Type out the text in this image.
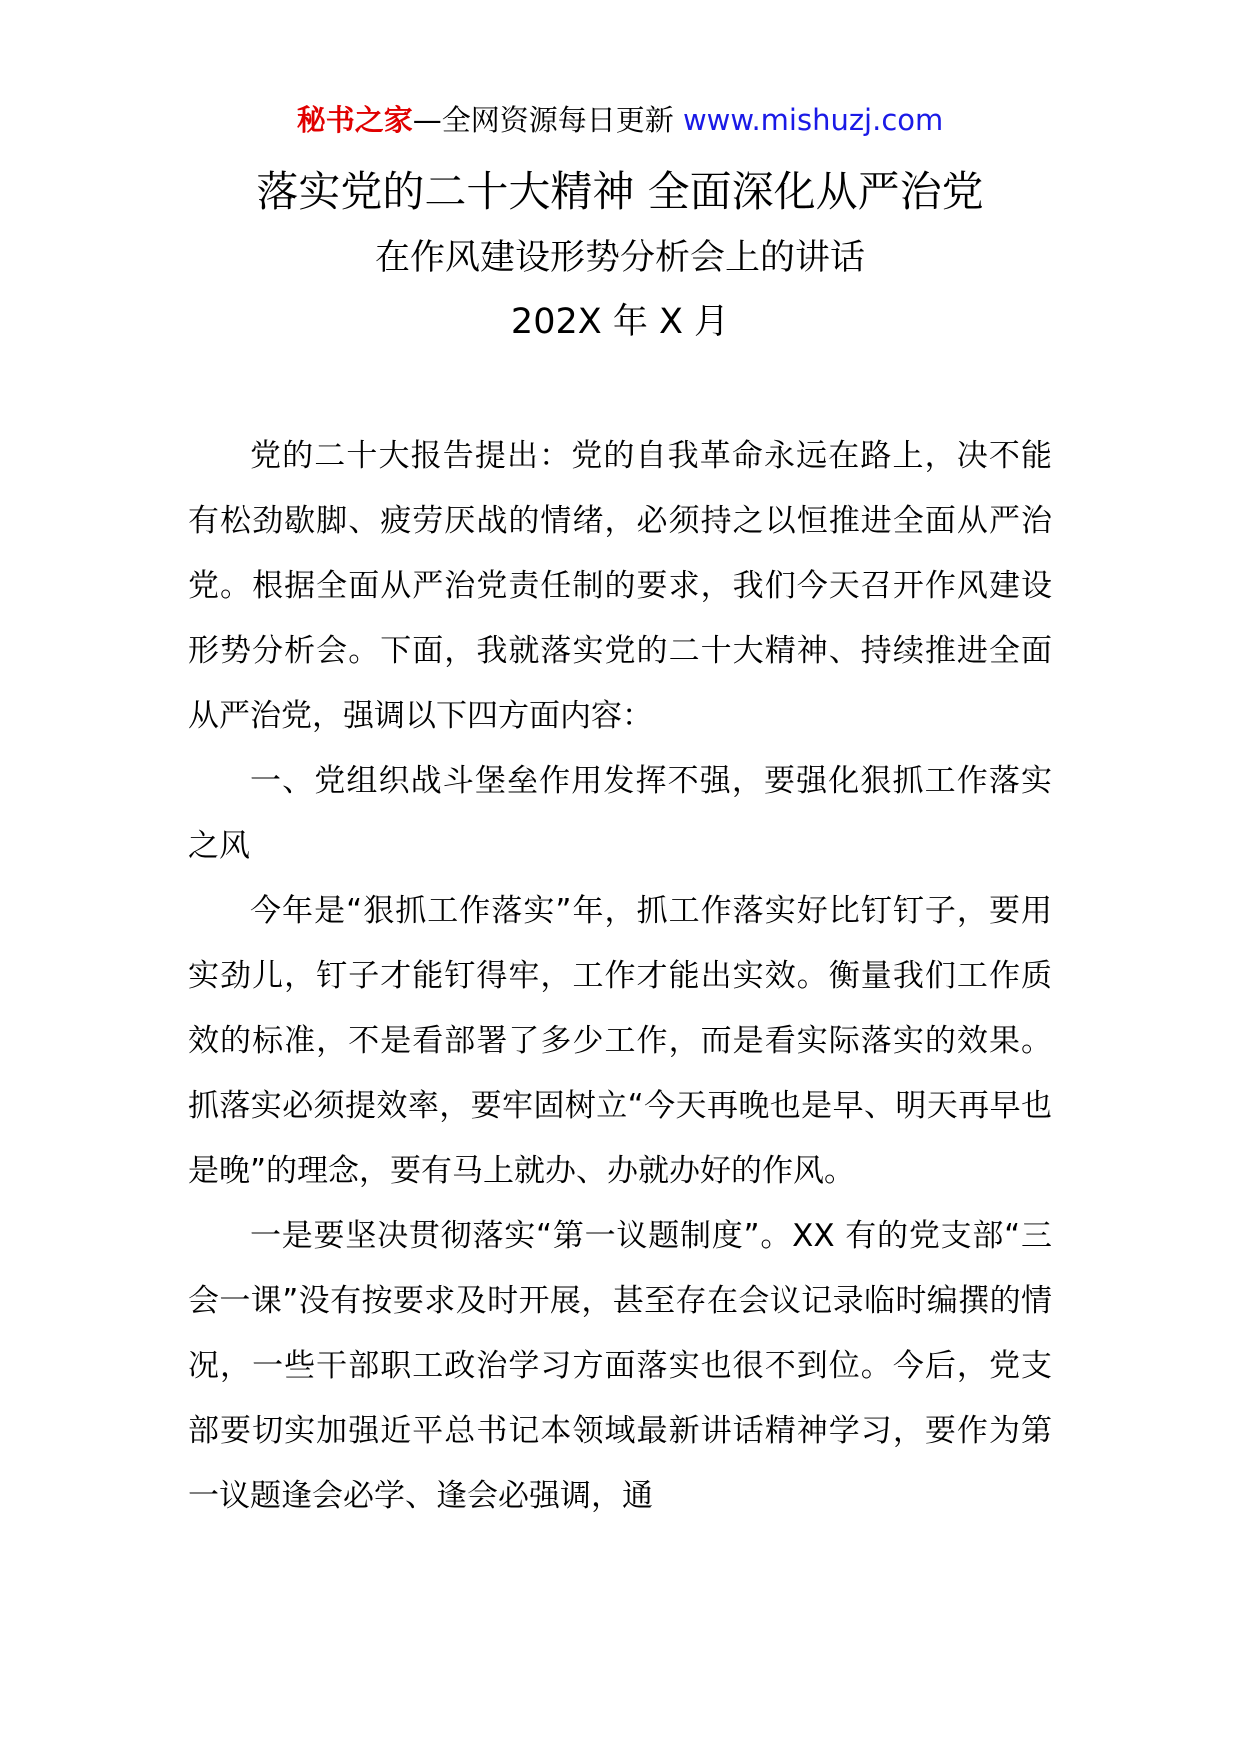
秘书之家—全网资源每日更新 www.mishuzj.com
落实党的二十大精神 全面深化从严治党
在作风建设形势分析会上的讲话
202X 年 X 月

党的二十大报告提出：党的自我革命永远在路上，决不能有松劲歇脚、疲劳厌战的情绪，必须持之以恒推进全面从严治党。根据全面从严治党责任制的要求，我们今天召开作风建设形势分析会。下面，我就落实党的二十大精神、持续推进全面从严治党，强调以下四方面内容：

一、党组织战斗堡垒作用发挥不强，要强化狠抓工作落实之风

今年是“狠抓工作落实”年，抓工作落实好比钉钉子，要用实劲儿，钉子才能钉得牢，工作才能出实效。衡量我们工作质效的标准，不是看部署了多少工作，而是看实际落实的效果。抓落实必须提效率，要牢固树立“今天再晚也是早、明天再早也是晚”的理念，要有马上就办、办就办好的作风。

一是要坚决贯彻落实“第一议题制度”。XX 有的党支部“三会一课”没有按要求及时开展，甚至存在会议记录临时编撰的情况，一些干部职工政治学习方面落实也很不到位。今后，党支部要切实加强近平总书记本领域最新讲话精神学习，要作为第一议题逢会必学、逢会必强调，通
